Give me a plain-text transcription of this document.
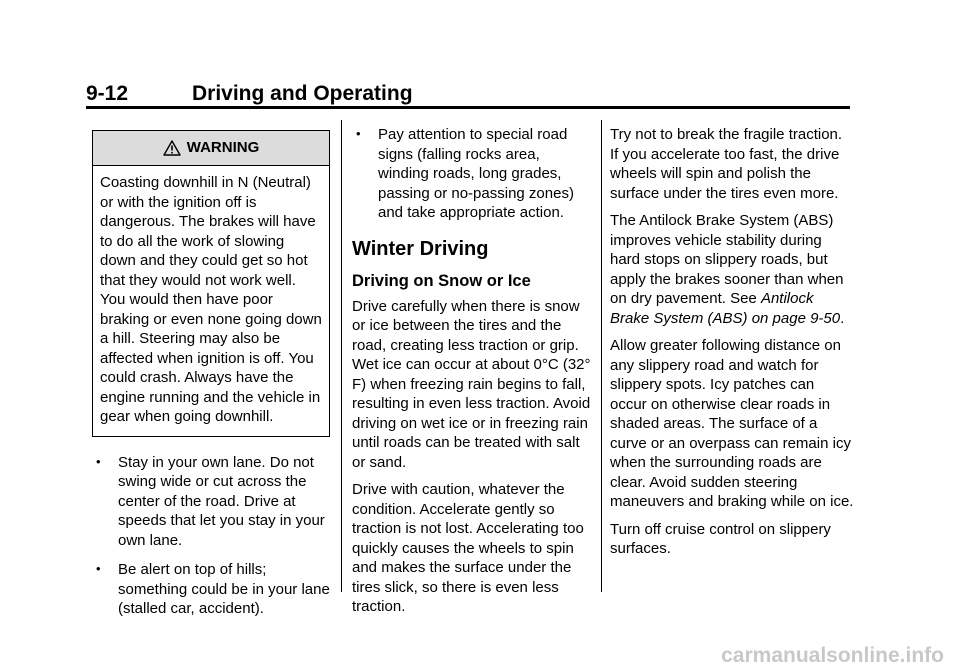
9-12	Driving and Operating
WARNING
Coasting downhill in N (Neutral) or with the ignition off is dangerous. The brakes will have to do all the work of slowing down and they could get so hot that they would not work well. You would then have poor braking or even none going down a hill. Steering may also be affected when ignition is off. You could crash. Always have the engine running and the vehicle in gear when going downhill.
• Stay in your own lane. Do not swing wide or cut across the center of the road. Drive at speeds that let you stay in your own lane.
• Be alert on top of hills; something could be in your lane (stalled car, accident).
• Pay attention to special road signs (falling rocks area, winding roads, long grades, passing or no-passing zones) and take appropriate action.
Winter Driving
Driving on Snow or Ice

Drive carefully when there is snow or ice between the tires and the road, creating less traction or grip. Wet ice can occur at about 0°C (32° F) when freezing rain begins to fall, resulting in even less traction. Avoid driving on wet ice or in freezing rain until roads can be treated with salt or sand.

Drive with caution, whatever the condition. Accelerate gently so traction is not lost. Accelerating too quickly causes the wheels to spin and makes the surface under the tires slick, so there is even less traction.

Try not to break the fragile traction. If you accelerate too fast, the drive wheels will spin and polish the surface under the tires even more.

The Antilock Brake System (ABS) improves vehicle stability during hard stops on slippery roads, but apply the brakes sooner than when on dry pavement. See Antilock Brake System (ABS) on page 9-50.

Allow greater following distance on any slippery road and watch for slippery spots. Icy patches can occur on otherwise clear roads in shaded areas. The surface of a curve or an overpass can remain icy when the surrounding roads are clear. Avoid sudden steering maneuvers and braking while on ice.

Turn off cruise control on slippery surfaces.

carmanualsonline.info
